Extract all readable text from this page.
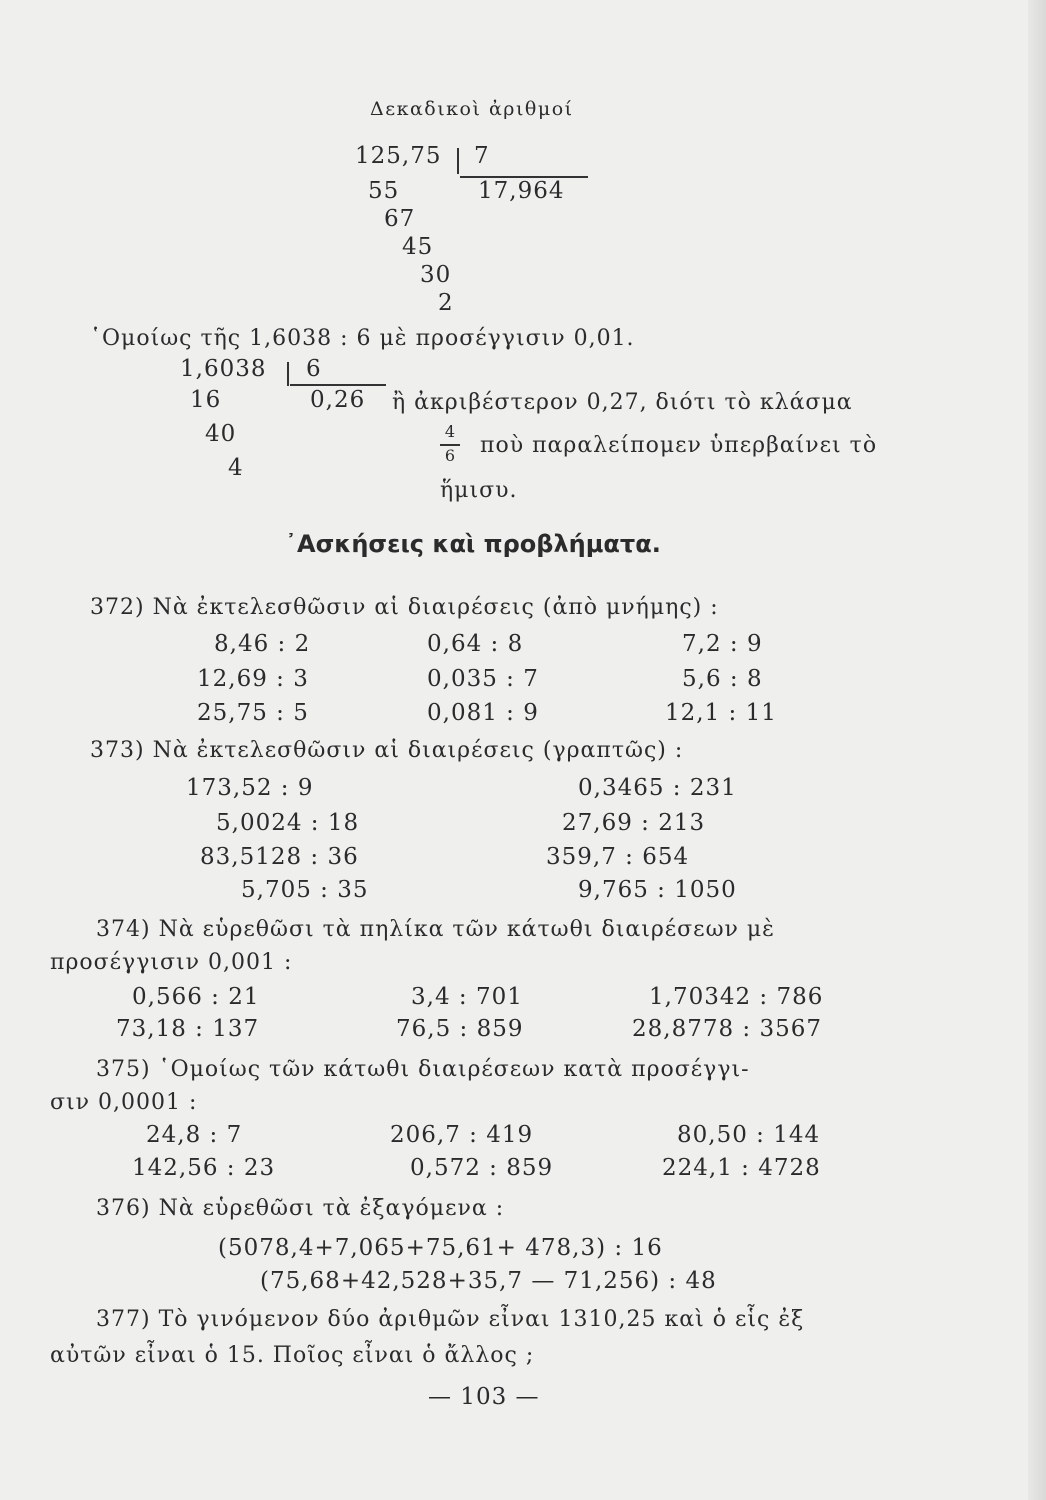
Δεκαδικοὶ ἀριθμοί
125,75 7
17,964
55
67
45
30
2
῾Ομοίως τῆς 1,6038 : 6 μὲ προσέγγισιν 0,01.
1,6038 6
0,26
16
40
4
ἢ ἀκριβέστερον 0,27, διότι τὸ κλάσμα
4
6 ποὺ παραλείπομεν ὑπερβαίνει τὸ
ἥμισυ.
᾿Ασκήσεις καὶ προβλήματα.
372) Νὰ ἐκτελεσθῶσιν αἱ διαιρέσεις (ἀπὸ μνήμης) :
8,46 : 2	0,64 : 8	7,2 : 9
12,69 : 3	0,035 : 7	5,6 : 8
25,75 : 5	0,081 : 9	12,1 : 11
373) Νὰ ἐκτελεσθῶσιν αἱ διαιρέσεις (γραπτῶς) :
173,52 : 9	0,3465 : 231
5,0024 : 18	27,69 : 213
83,5128 : 36	359,7 : 654
5,705 : 35	9,765 : 1050
374) Νὰ εὑρεθῶσι τὰ πηλίκα τῶν κάτωθι διαιρέσεων μὲ
προσέγγισιν 0,001 :
0,566 : 21	3,4 : 701	1,70342 : 786
73,18 : 137	76,5 : 859	28,8778 : 3567
375) ῾Ομοίως τῶν κάτωθι διαιρέσεων κατὰ προσέγγι-
σιν 0,0001 :
24,8 : 7	206,7 : 419	80,50 : 144
142,56 : 23	0,572 : 859	224,1 : 4728
376) Νὰ εὑρεθῶσι τὰ ἐξαγόμενα :
(5078,4+7,065+75,61+ 478,3) : 16
(75,68+42,528+35,7 — 71,256) : 48
377) Τὸ γινόμενον δύο ἀριθμῶν εἶναι 1310,25 καὶ ὁ εἷς ἐξ
αὐτῶν εἶναι ὁ 15. Ποῖος εἶναι ὁ ἄλλος ;
— 103 —
